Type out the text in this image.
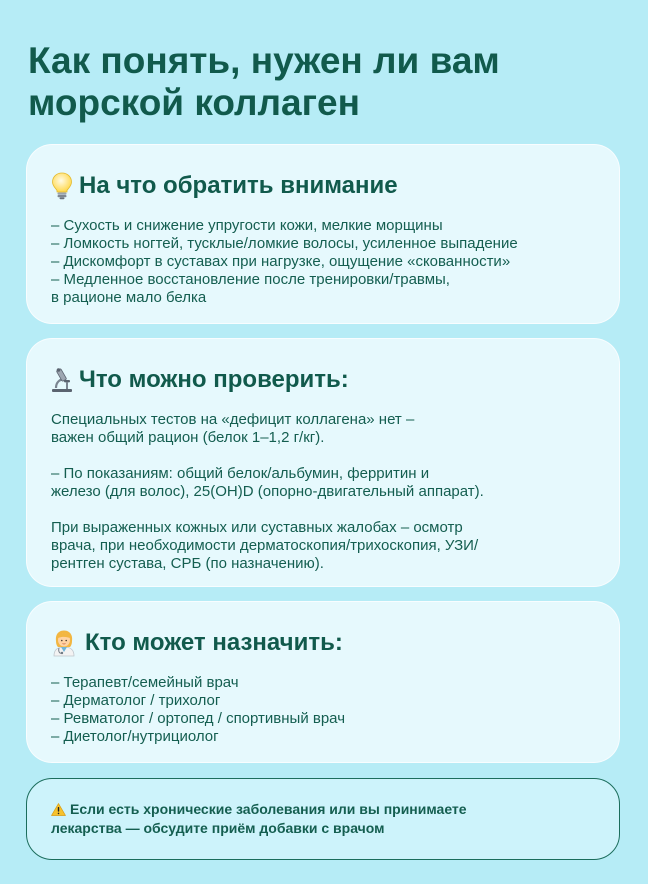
Как понять, нужен ли вам
морской коллаген
На что обратить внимание
– Сухость и снижение упругости кожи, мелкие морщины
– Ломкость ногтей, тусклые/ломкие волосы, усиленное выпадение
– Дискомфорт в суставах при нагрузке, ощущение «скованности»
– Медленное восстановление после тренировки/травмы,
в рационе мало белка
Что можно проверить:
Специальных тестов на «дефицит коллагена» нет –
важен общий рацион (белок 1–1,2 г/кг).
– По показаниям: общий белок/альбумин, ферритин и
железо (для волос), 25(OH)D (опорно-двигательный аппарат).
При выраженных кожных или суставных жалобах – осмотр
врача, при необходимости дерматоскопия/трихоскопия, УЗИ/
рентген сустава, СРБ (по назначению).
Кто может назначить:
– Терапевт/семейный врач
– Дерматолог / трихолог
– Ревматолог / ортопед / спортивный врач
– Диетолог/нутрициолог
Если есть хронические заболевания или вы принимаете
лекарства — обсудите приём добавки с врачом
